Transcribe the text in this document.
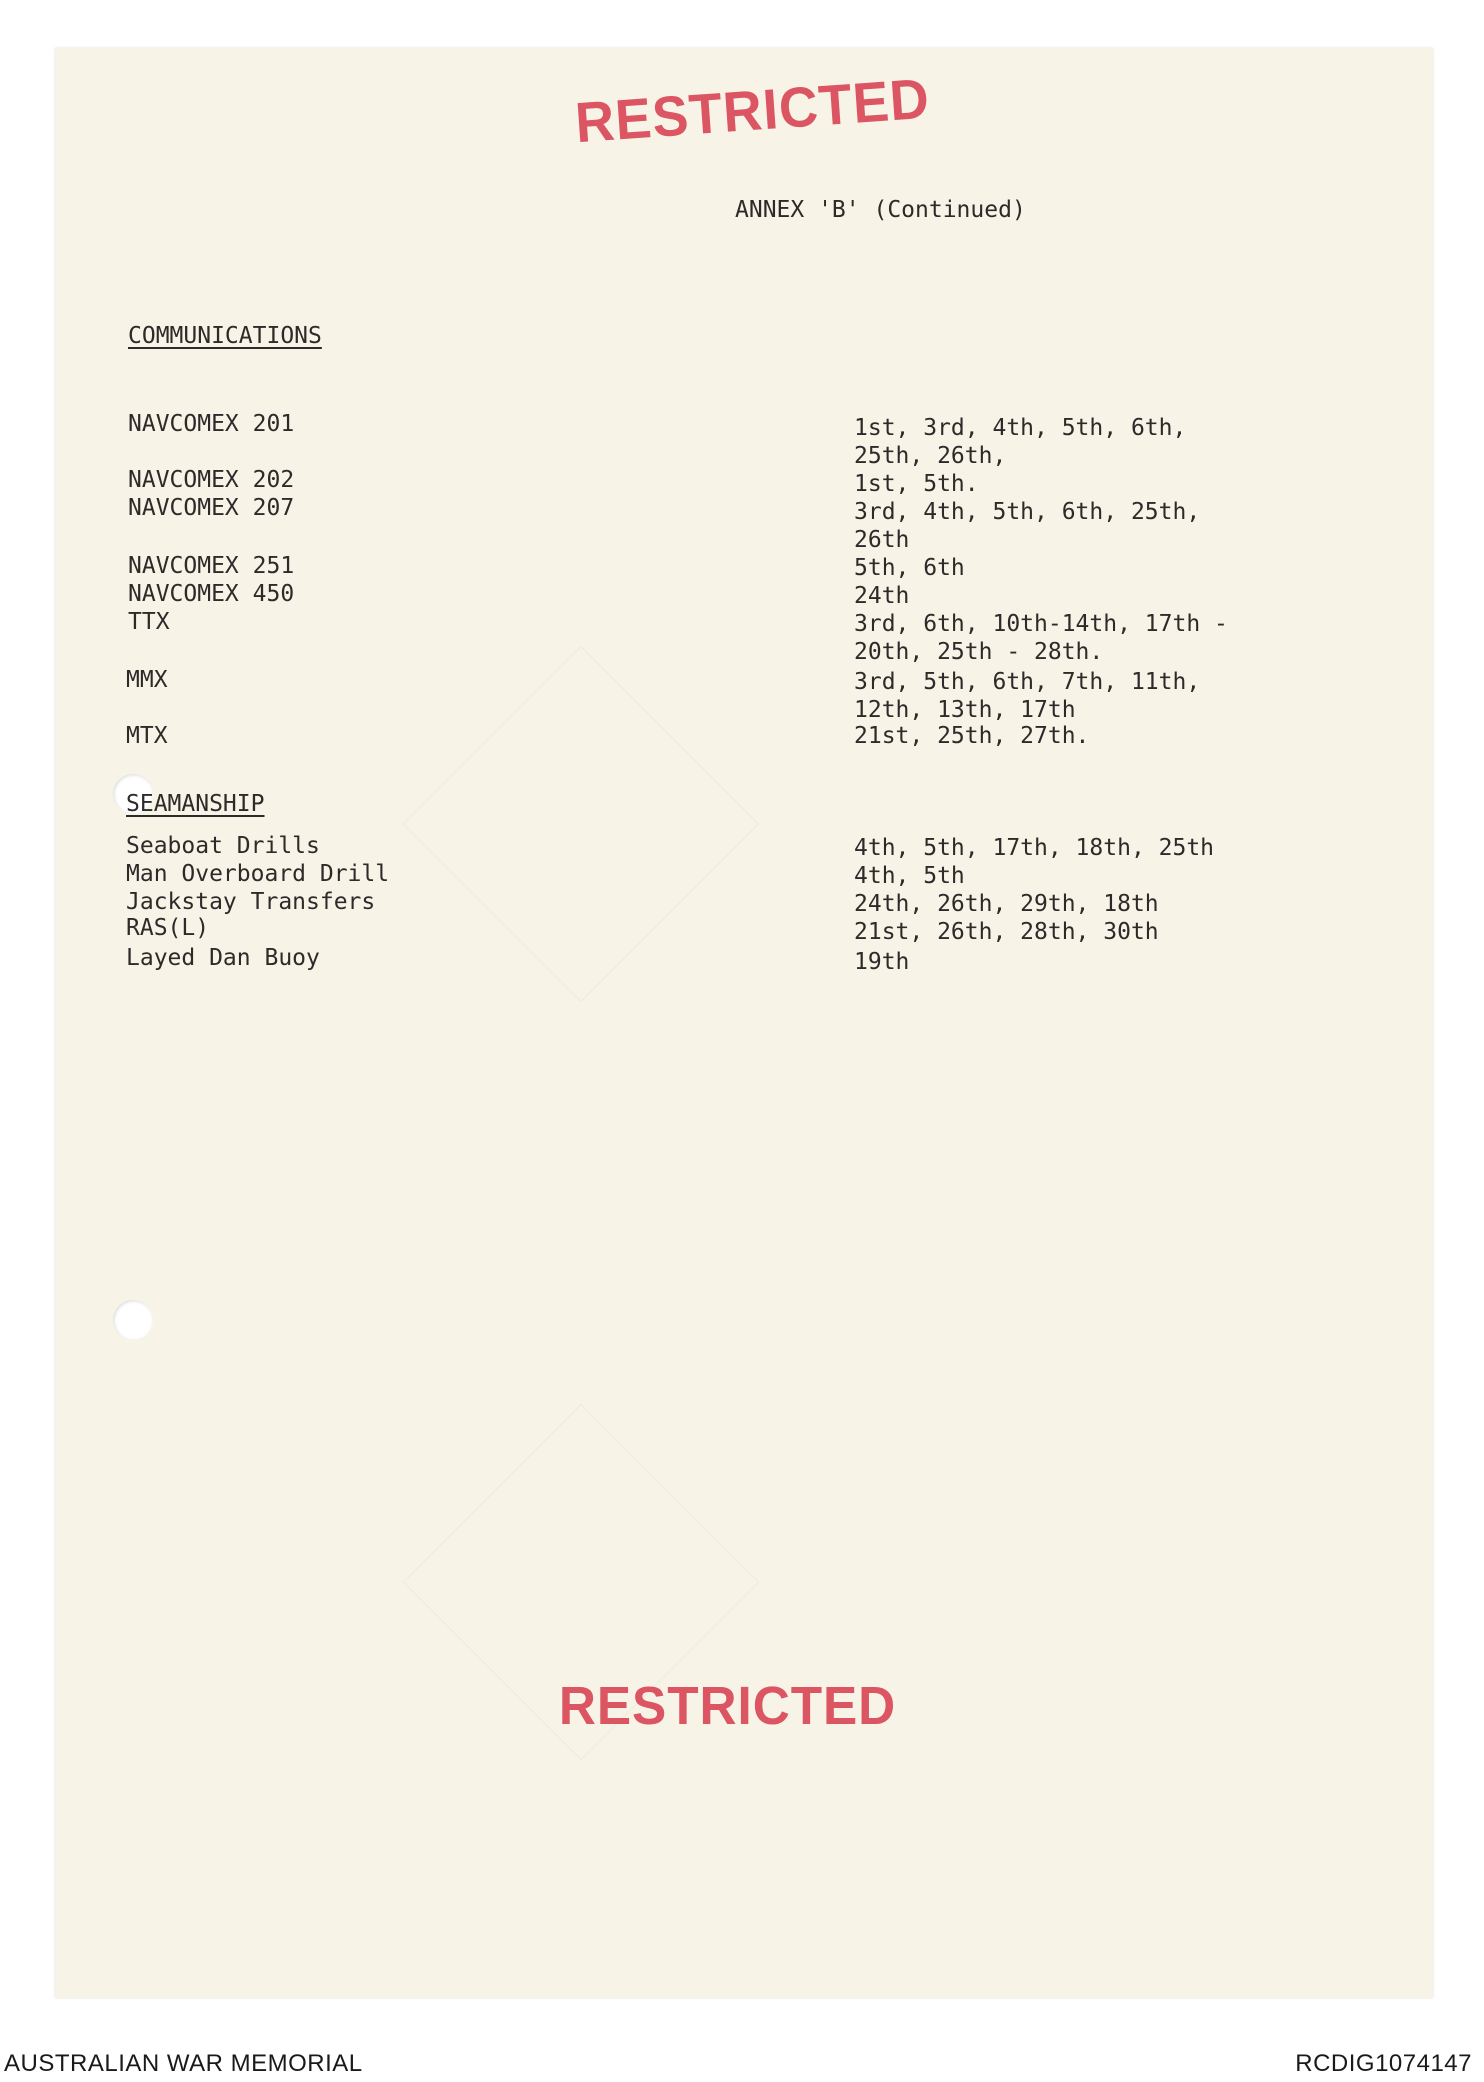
RESTRICTED
ANNEX 'B' (Continued)
COMMUNICATIONS
NAVCOMEX 201	1st, 3rd, 4th, 5th, 6th,
25th, 26th,
NAVCOMEX 202	1st, 5th.
NAVCOMEX 207	3rd, 4th, 5th, 6th, 25th,
26th
NAVCOMEX 251	5th, 6th
NAVCOMEX 450	24th
TTX	3rd, 6th, 10th-14th, 17th -
20th, 25th - 28th.
MMX	3rd, 5th, 6th, 7th, 11th,
12th, 13th, 17th
MTX	21st, 25th, 27th.
SEAMANSHIP
Seaboat Drills	4th, 5th, 17th, 18th, 25th
Man Overboard Drill	4th, 5th
Jackstay Transfers	24th, 26th, 29th, 18th
RAS(L)	21st, 26th, 28th, 30th
Layed Dan Buoy	19th
RESTRICTED
AUSTRALIAN WAR MEMORIAL	RCDIG1074147
